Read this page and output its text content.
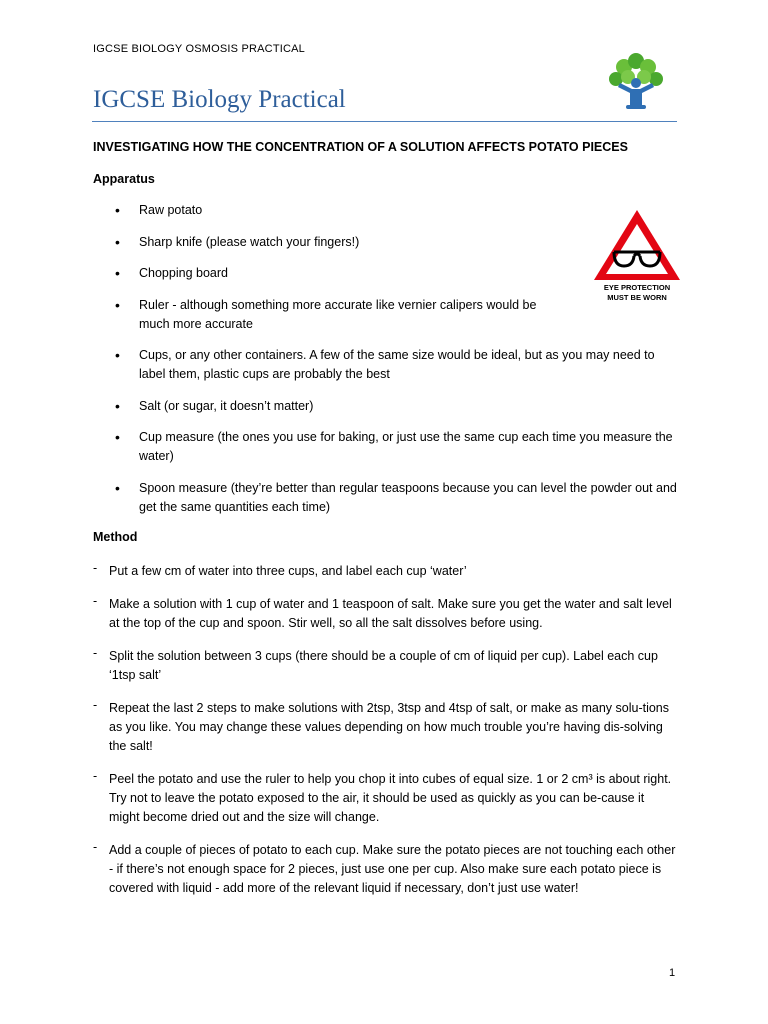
IGCSE BIOLOGY OSMOSIS PRACTICAL
IGCSE Biology Practical
INVESTIGATING HOW THE CONCENTRATION OF A SOLUTION AFFECTS POTATO PIECES
Apparatus
• Raw potato
• Sharp knife (please watch your fingers!)
• Chopping board
• Ruler - although something more accurate like vernier calipers would be much more accurate
• Cups, or any other containers. A few of the same size would be ideal, but as you may need to label them, plastic cups are probably the best
• Salt (or sugar, it doesn’t matter)
• Cup measure (the ones you use for baking, or just use the same cup each time you measure the water)
• Spoon measure (they’re better than regular teaspoons because you can level the powder out and get the same quantities each time)
EYE PROTECTION
MUST BE WORN
Method
- Put a few cm of water into three cups, and label each cup ‘water’
- Make a solution with 1 cup of water and 1 teaspoon of salt. Make sure you get the water and salt level at the top of the cup and spoon. Stir well, so all the salt dissolves before using.
- Split the solution between 3 cups (there should be a couple of cm of liquid per cup). Label each cup ‘1tsp salt’
- Repeat the last 2 steps to make solutions with 2tsp, 3tsp and 4tsp of salt, or make as many solu-tions as you like. You may change these values depending on how much trouble you’re having dis-solving the salt!
- Peel the potato and use the ruler to help you chop it into cubes of equal size. 1 or 2 cm³ is about right. Try not to leave the potato exposed to the air, it should be used as quickly as you can be-cause it might become dried out and the size will change.
- Add a couple of pieces of potato to each cup. Make sure the potato pieces are not touching each other - if there’s not enough space for 2 pieces, just use one per cup. Also make sure each potato piece is covered with liquid - add more of the relevant liquid if necessary, don’t just use water!
1
